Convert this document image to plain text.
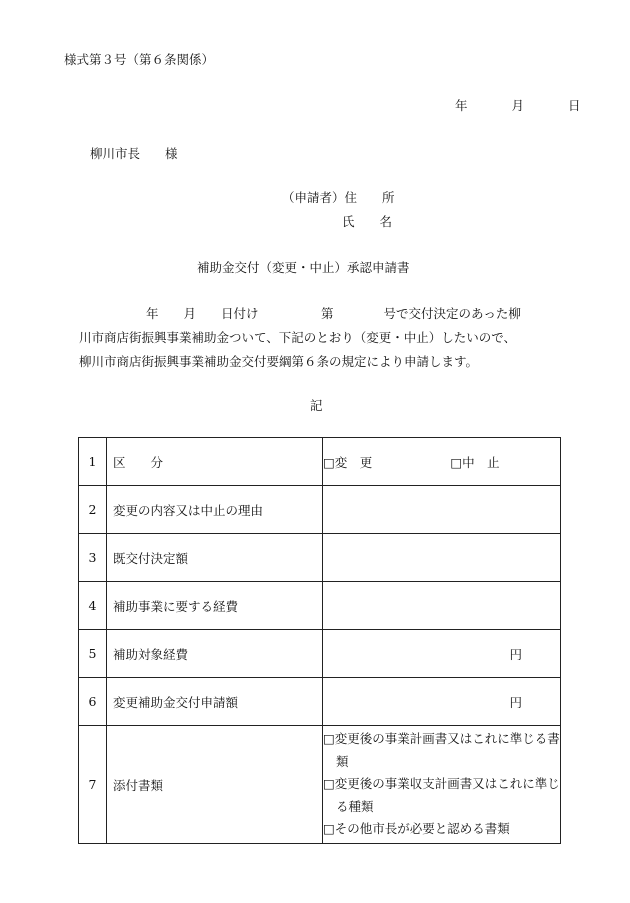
様式第３号（第６条関係）
年	月	日
柳川市長　　様
（申請者）住　　所
氏　　名
補助金交付（変更・中止）承認申請書
年　　月　　日付け　　　　　第　　　　号で交付決定のあった柳
川市商店街振興事業補助金ついて、下記のとおり（変更・中止）したいので、
柳川市商店街振興事業補助金交付要綱第６条の規定により申請します。
記
1	区　　分	□変　更 □中　止
2	変更の内容又は中止の理由	
3	既交付決定額	
4	補助事業に要する経費	
5	補助対象経費	円

6	変更補助金交付申請額	円

7	添付書類	□変更後の事業計画書又はこれに準じる書類
□変更後の事業収支計画書又はこれに準じる種類
□その他市長が必要と認める書類
